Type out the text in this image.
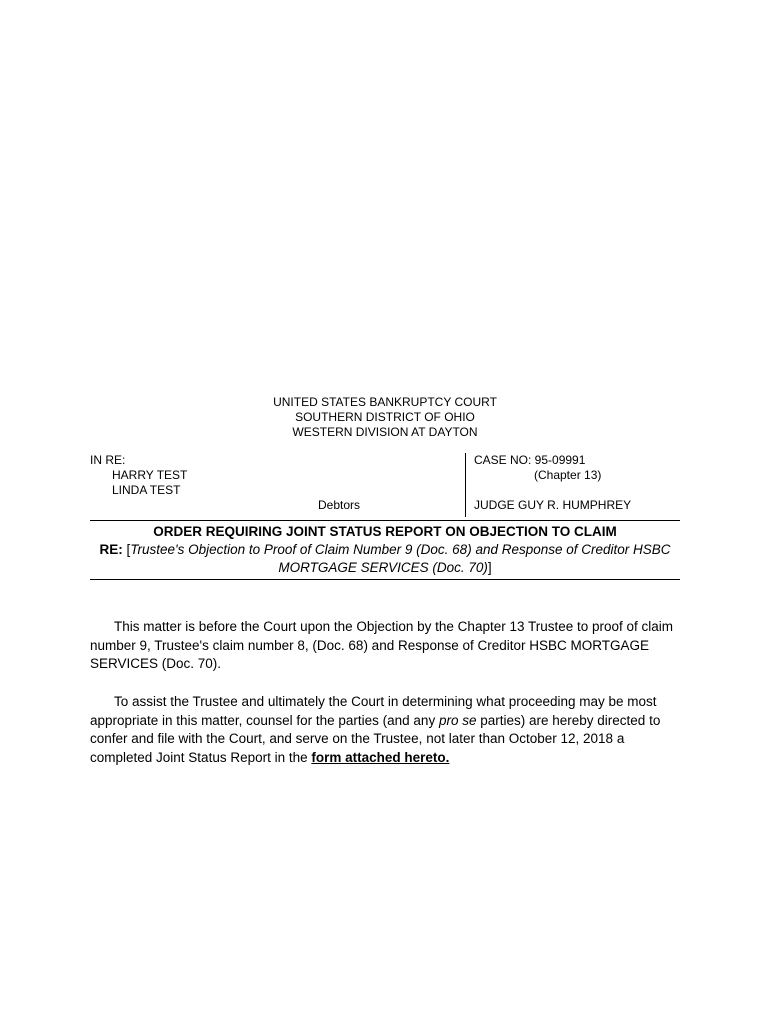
UNITED STATES BANKRUPTCY COURT
SOUTHERN DISTRICT OF OHIO
WESTERN DIVISION AT DAYTON
IN RE:
HARRY TEST
LINDA TEST
Debtors
CASE NO: 95-09991
(Chapter 13)
JUDGE GUY R. HUMPHREY
ORDER REQUIRING JOINT STATUS REPORT ON OBJECTION TO CLAIM
RE: [Trustee's Objection to Proof of Claim Number 9 (Doc. 68) and Response of Creditor HSBC MORTGAGE SERVICES (Doc. 70)]
This matter is before the Court upon the Objection by the Chapter 13 Trustee to proof of claim number 9, Trustee's claim number 8, (Doc. 68) and Response of Creditor HSBC MORTGAGE SERVICES (Doc. 70).
To assist the Trustee and ultimately the Court in determining what proceeding may be most appropriate in this matter, counsel for the parties (and any pro se parties) are hereby directed to confer and file with the Court, and serve on the Trustee, not later than October 12, 2018 a completed Joint Status Report in the form attached hereto.
